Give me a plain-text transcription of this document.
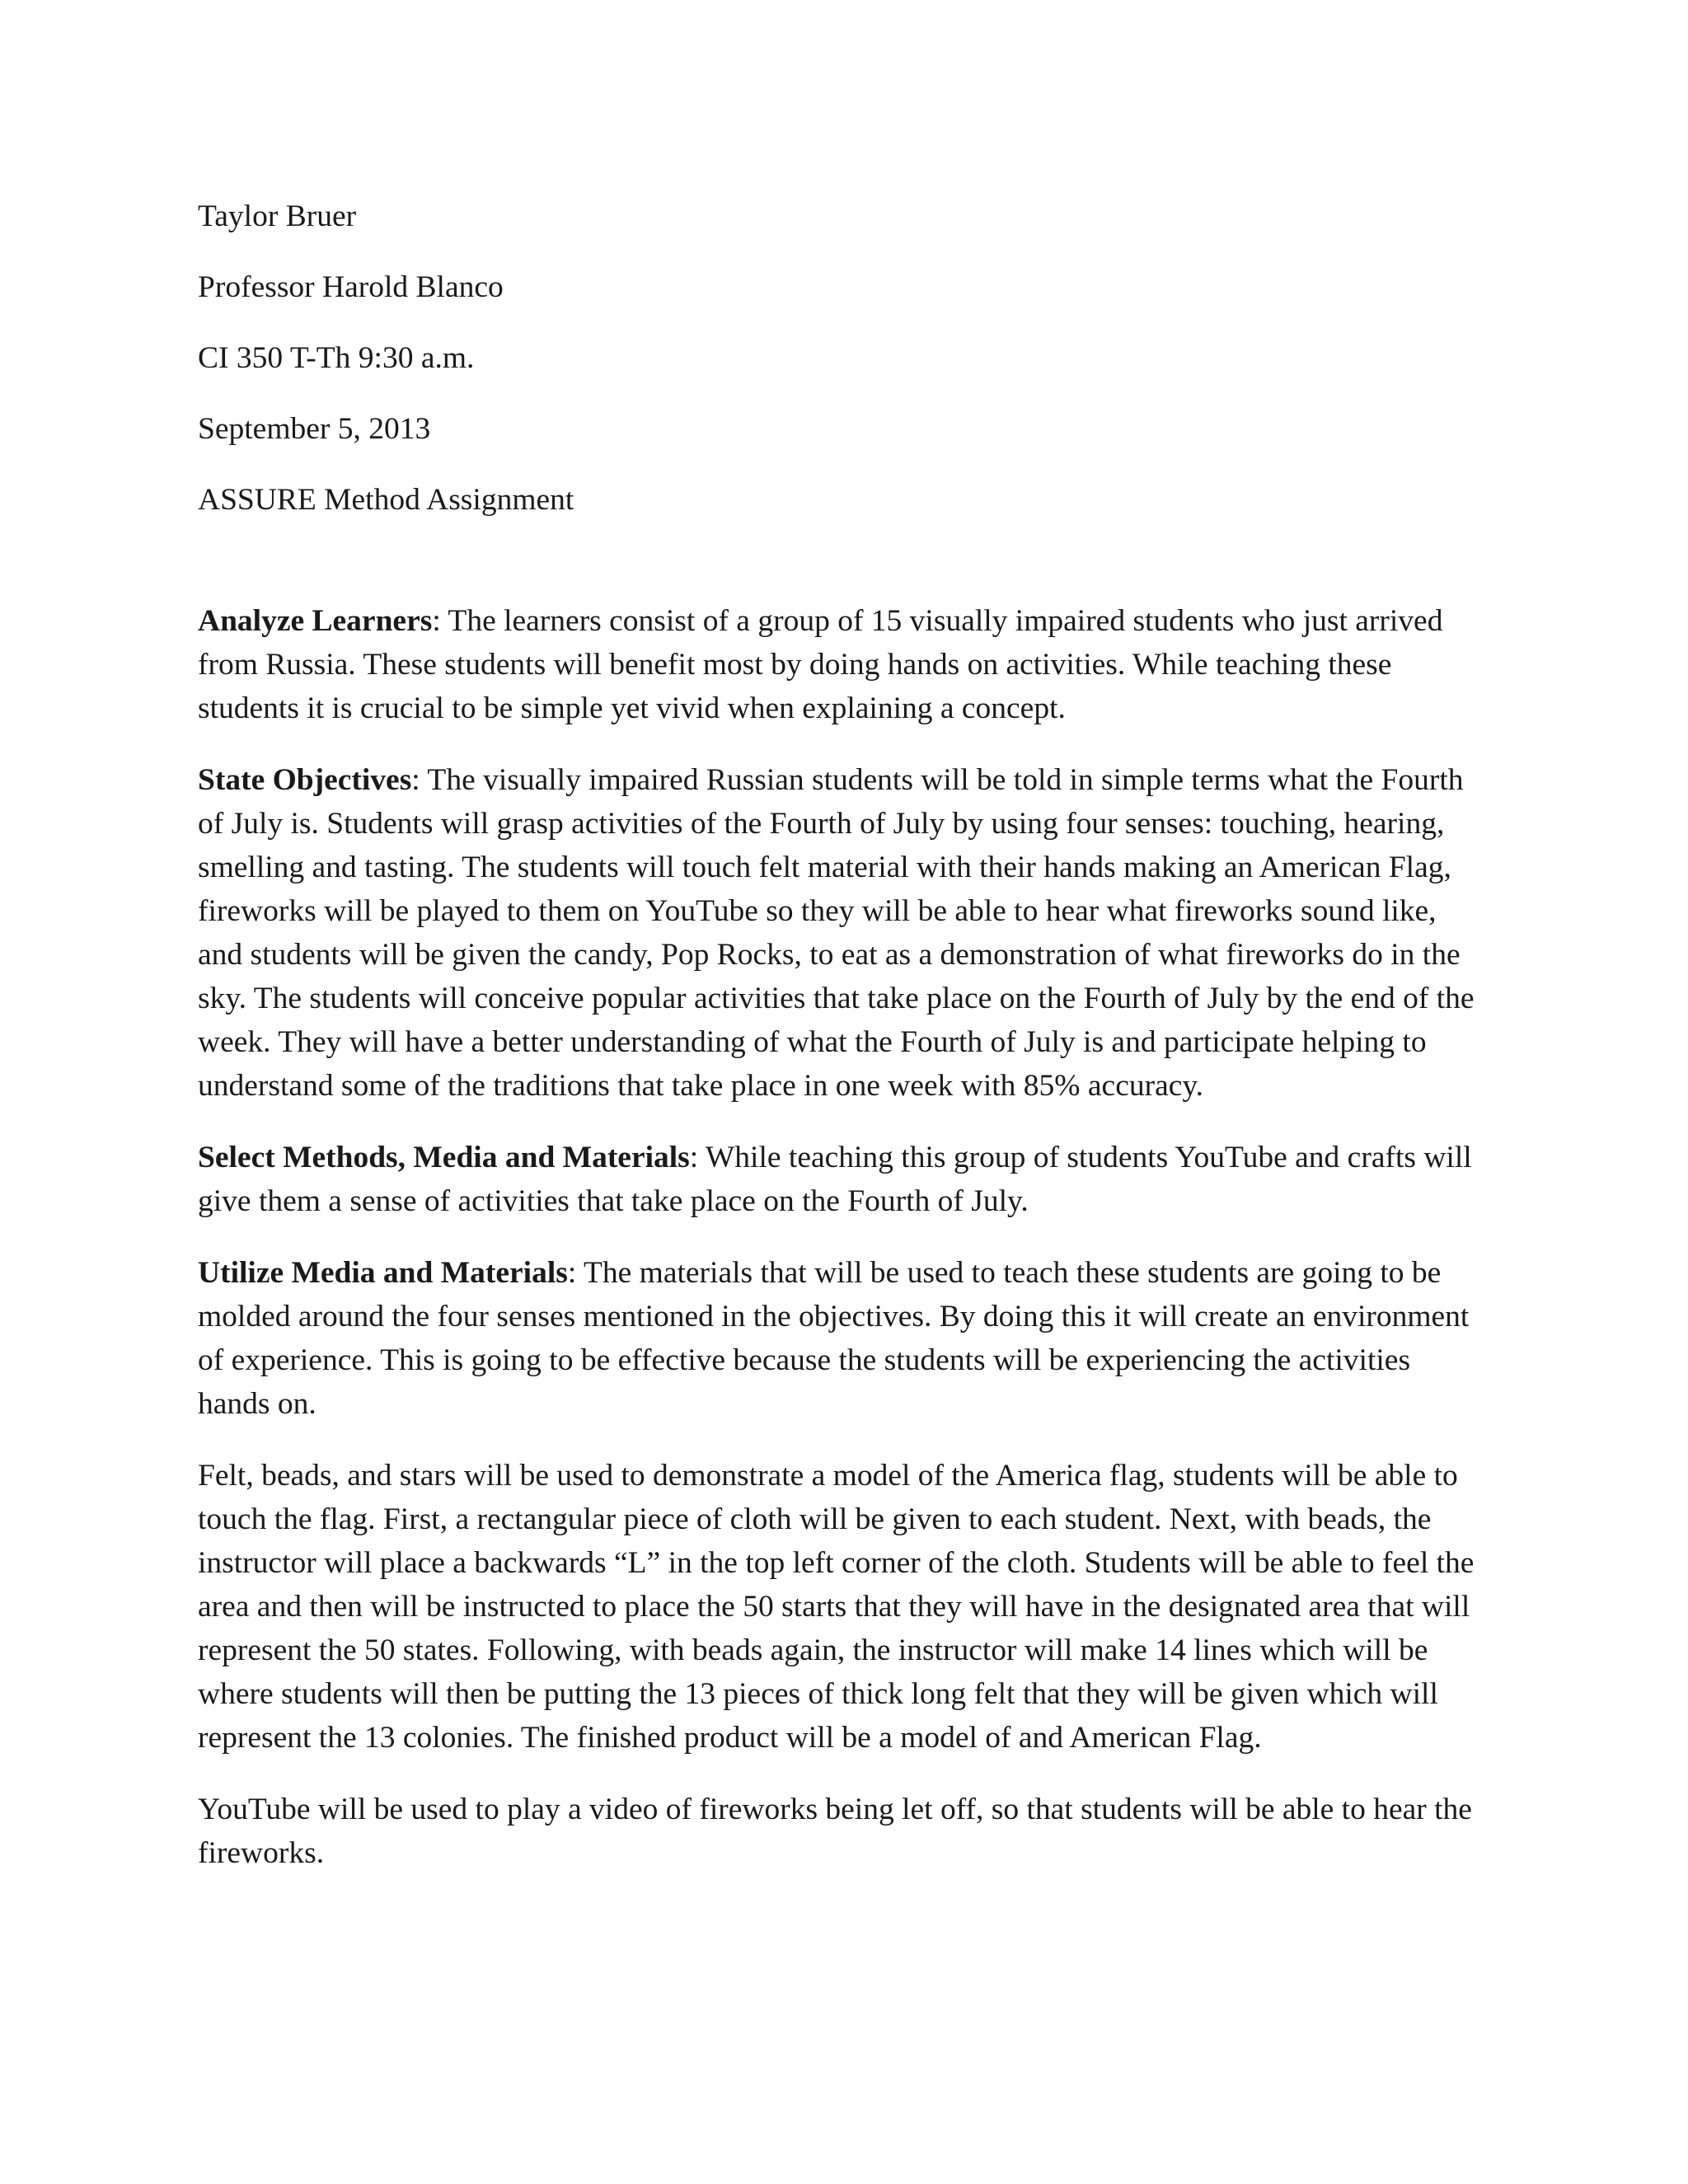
Taylor Bruer

Professor Harold Blanco

CI 350 T-Th 9:30 a.m.

September 5, 2013

ASSURE Method Assignment

Analyze Learners: The learners consist of a group of 15 visually impaired students who just arrived from Russia. These students will benefit most by doing hands on activities. While teaching these students it is crucial to be simple yet vivid when explaining a concept.

State Objectives: The visually impaired Russian students will be told in simple terms what the Fourth of July is. Students will grasp activities of the Fourth of July by using four senses: touching, hearing, smelling and tasting. The students will touch felt material with their hands making an American Flag, fireworks will be played to them on YouTube so they will be able to hear what fireworks sound like, and students will be given the candy, Pop Rocks, to eat as a demonstration of what fireworks do in the sky. The students will conceive popular activities that take place on the Fourth of July by the end of the week. They will have a better understanding of what the Fourth of July is and participate helping to understand some of the traditions that take place in one week with 85% accuracy.

Select Methods, Media and Materials: While teaching this group of students YouTube and crafts will give them a sense of activities that take place on the Fourth of July.

Utilize Media and Materials: The materials that will be used to teach these students are going to be molded around the four senses mentioned in the objectives. By doing this it will create an environment of experience. This is going to be effective because the students will be experiencing the activities hands on.

Felt, beads, and stars will be used to demonstrate a model of the America flag, students will be able to touch the flag. First, a rectangular piece of cloth will be given to each student. Next, with beads, the instructor will place a backwards “L” in the top left corner of the cloth. Students will be able to feel the area and then will be instructed to place the 50 starts that they will have in the designated area that will represent the 50 states. Following, with beads again, the instructor will make 14 lines which will be where students will then be putting the 13 pieces of thick long felt that they will be given which will represent the 13 colonies. The finished product will be a model of and American Flag.

YouTube will be used to play a video of fireworks being let off, so that students will be able to hear the fireworks.
